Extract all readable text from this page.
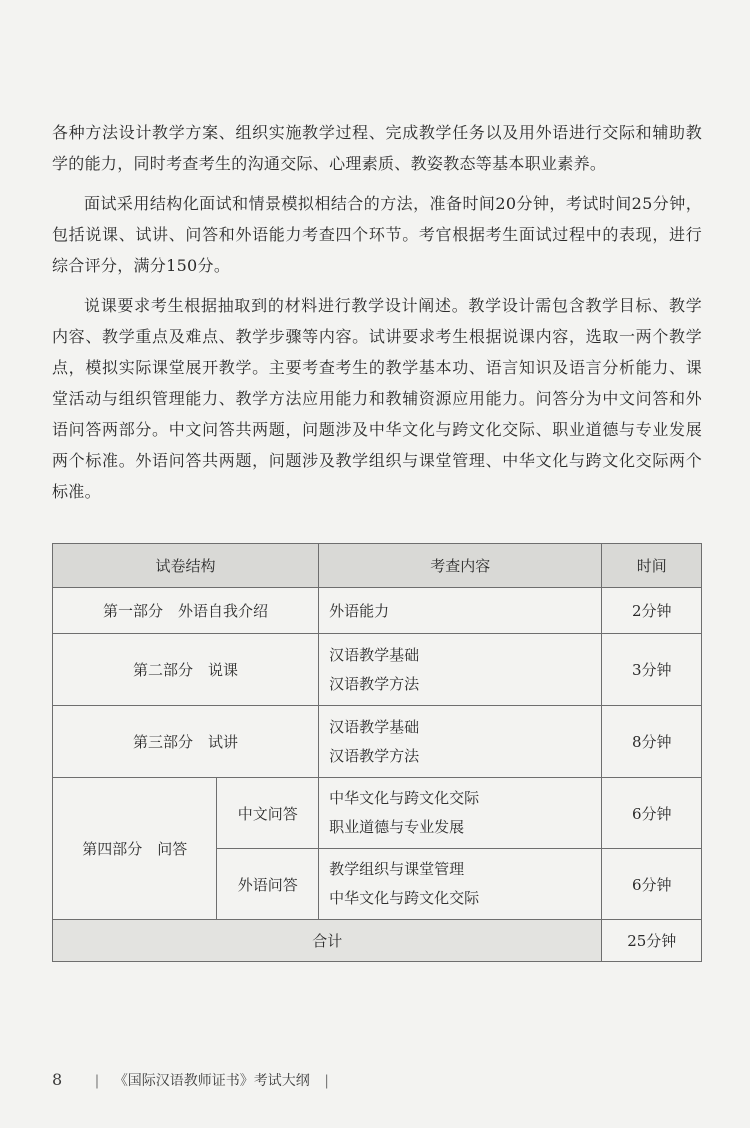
各种方法设计教学方案、组织实施教学过程、完成教学任务以及用外语进行交际和辅助教学的能力，同时考查考生的沟通交际、心理素质、教姿教态等基本职业素养。

面试采用结构化面试和情景模拟相结合的方法，准备时间20分钟，考试时间25分钟，包括说课、试讲、问答和外语能力考查四个环节。考官根据考生面试过程中的表现，进行综合评分，满分150分。

说课要求考生根据抽取到的材料进行教学设计阐述。教学设计需包含教学目标、教学内容、教学重点及难点、教学步骤等内容。试讲要求考生根据说课内容，选取一两个教学点，模拟实际课堂展开教学。主要考查考生的教学基本功、语言知识及语言分析能力、课堂活动与组织管理能力、教学方法应用能力和教辅资源应用能力。问答分为中文问答和外语问答两部分。中文问答共两题，问题涉及中华文化与跨文化交际、职业道德与专业发展两个标准。外语问答共两题，问题涉及教学组织与课堂管理、中华文化与跨文化交际两个标准。

试卷结构		考查内容	时间
第一部分　外语自我介绍		外语能力	2分钟
第二部分　说课		汉语教学基础
汉语教学方法	3分钟
第三部分　试讲		汉语教学基础
汉语教学方法	8分钟
第四部分　问答	中文问答	中华文化与跨文化交际
职业道德与专业发展	6分钟
	外语问答	教学组织与课堂管理
中华文化与跨文化交际	6分钟
合计			25分钟
8 | 《国际汉语教师证书》考试大纲 |
